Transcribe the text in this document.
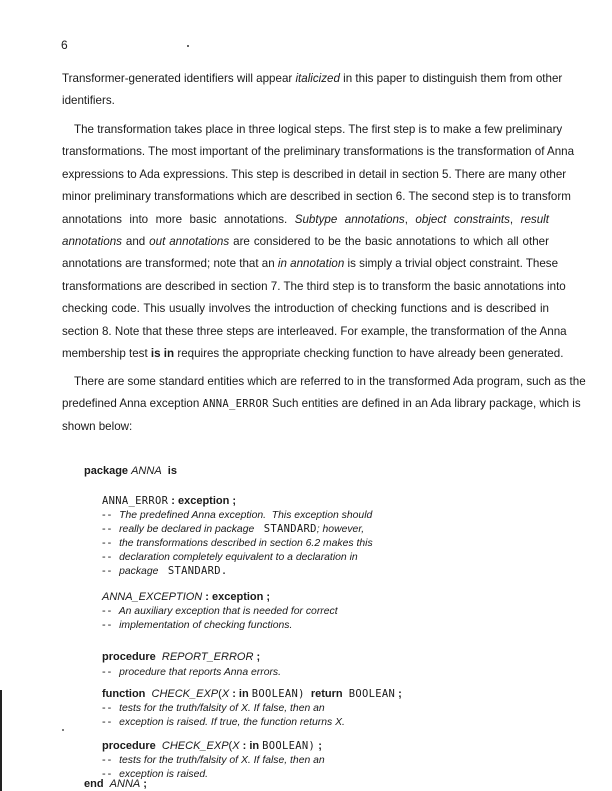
6
Transformer-generated identifiers will appear italicized in this paper to distinguish them from other
identifiers.
The transformation takes place in three logical steps. The first step is to make a few preliminary
transformations. The most important of the preliminary transformations is the transformation of Anna
expressions to Ada expressions. This step is described in detail in section 5. There are many other
minor preliminary transformations which are described in section 6. The second step is to transform
annotations into more basic annotations. Subtype annotations, object constraints, result
annotations and out annotations are considered to be the basic annotations to which all other
annotations are transformed; note that an in annotation is simply a trivial object constraint. These
transformations are described in section 7. The third step is to transform the basic annotations into
checking code. This usually involves the introduction of checking functions and is described in
section 8. Note that these three steps are interleaved. For example, the transformation of the Anna
membership test is in requires the appropriate checking function to have already been generated.
There are some standard entities which are referred to in the transformed Ada program, such as the
predefined Anna exception ANNA_ERROR Such entities are defined in an Ada library package, which is
shown below:
package ANNA  is
ANNA_ERROR : exception ;
--  The predefined Anna exception.  This exception should
--  really be declared in package  STANDARD; however,
--  the transformations described in section 6.2 makes this
--  declaration completely equivalent to a declaration in
--  package  STANDARD.
ANNA_EXCEPTION : exception ;
--  An auxiliary exception that is needed for correct
--  implementation of checking functions.
procedure  REPORT_ERROR ;
--  procedure that reports Anna errors.
function  CHECK_EXP(X : in BOOLEAN)  return  BOOLEAN ;
--  tests for the truth/falsity of X. If false, then an
--  exception is raised. If true, the function returns X.
procedure  CHECK_EXP(X : in BOOLEAN) ;
--  tests for the truth/falsity of X. If false, then an
--  exception is raised.
end  ANNA ;
